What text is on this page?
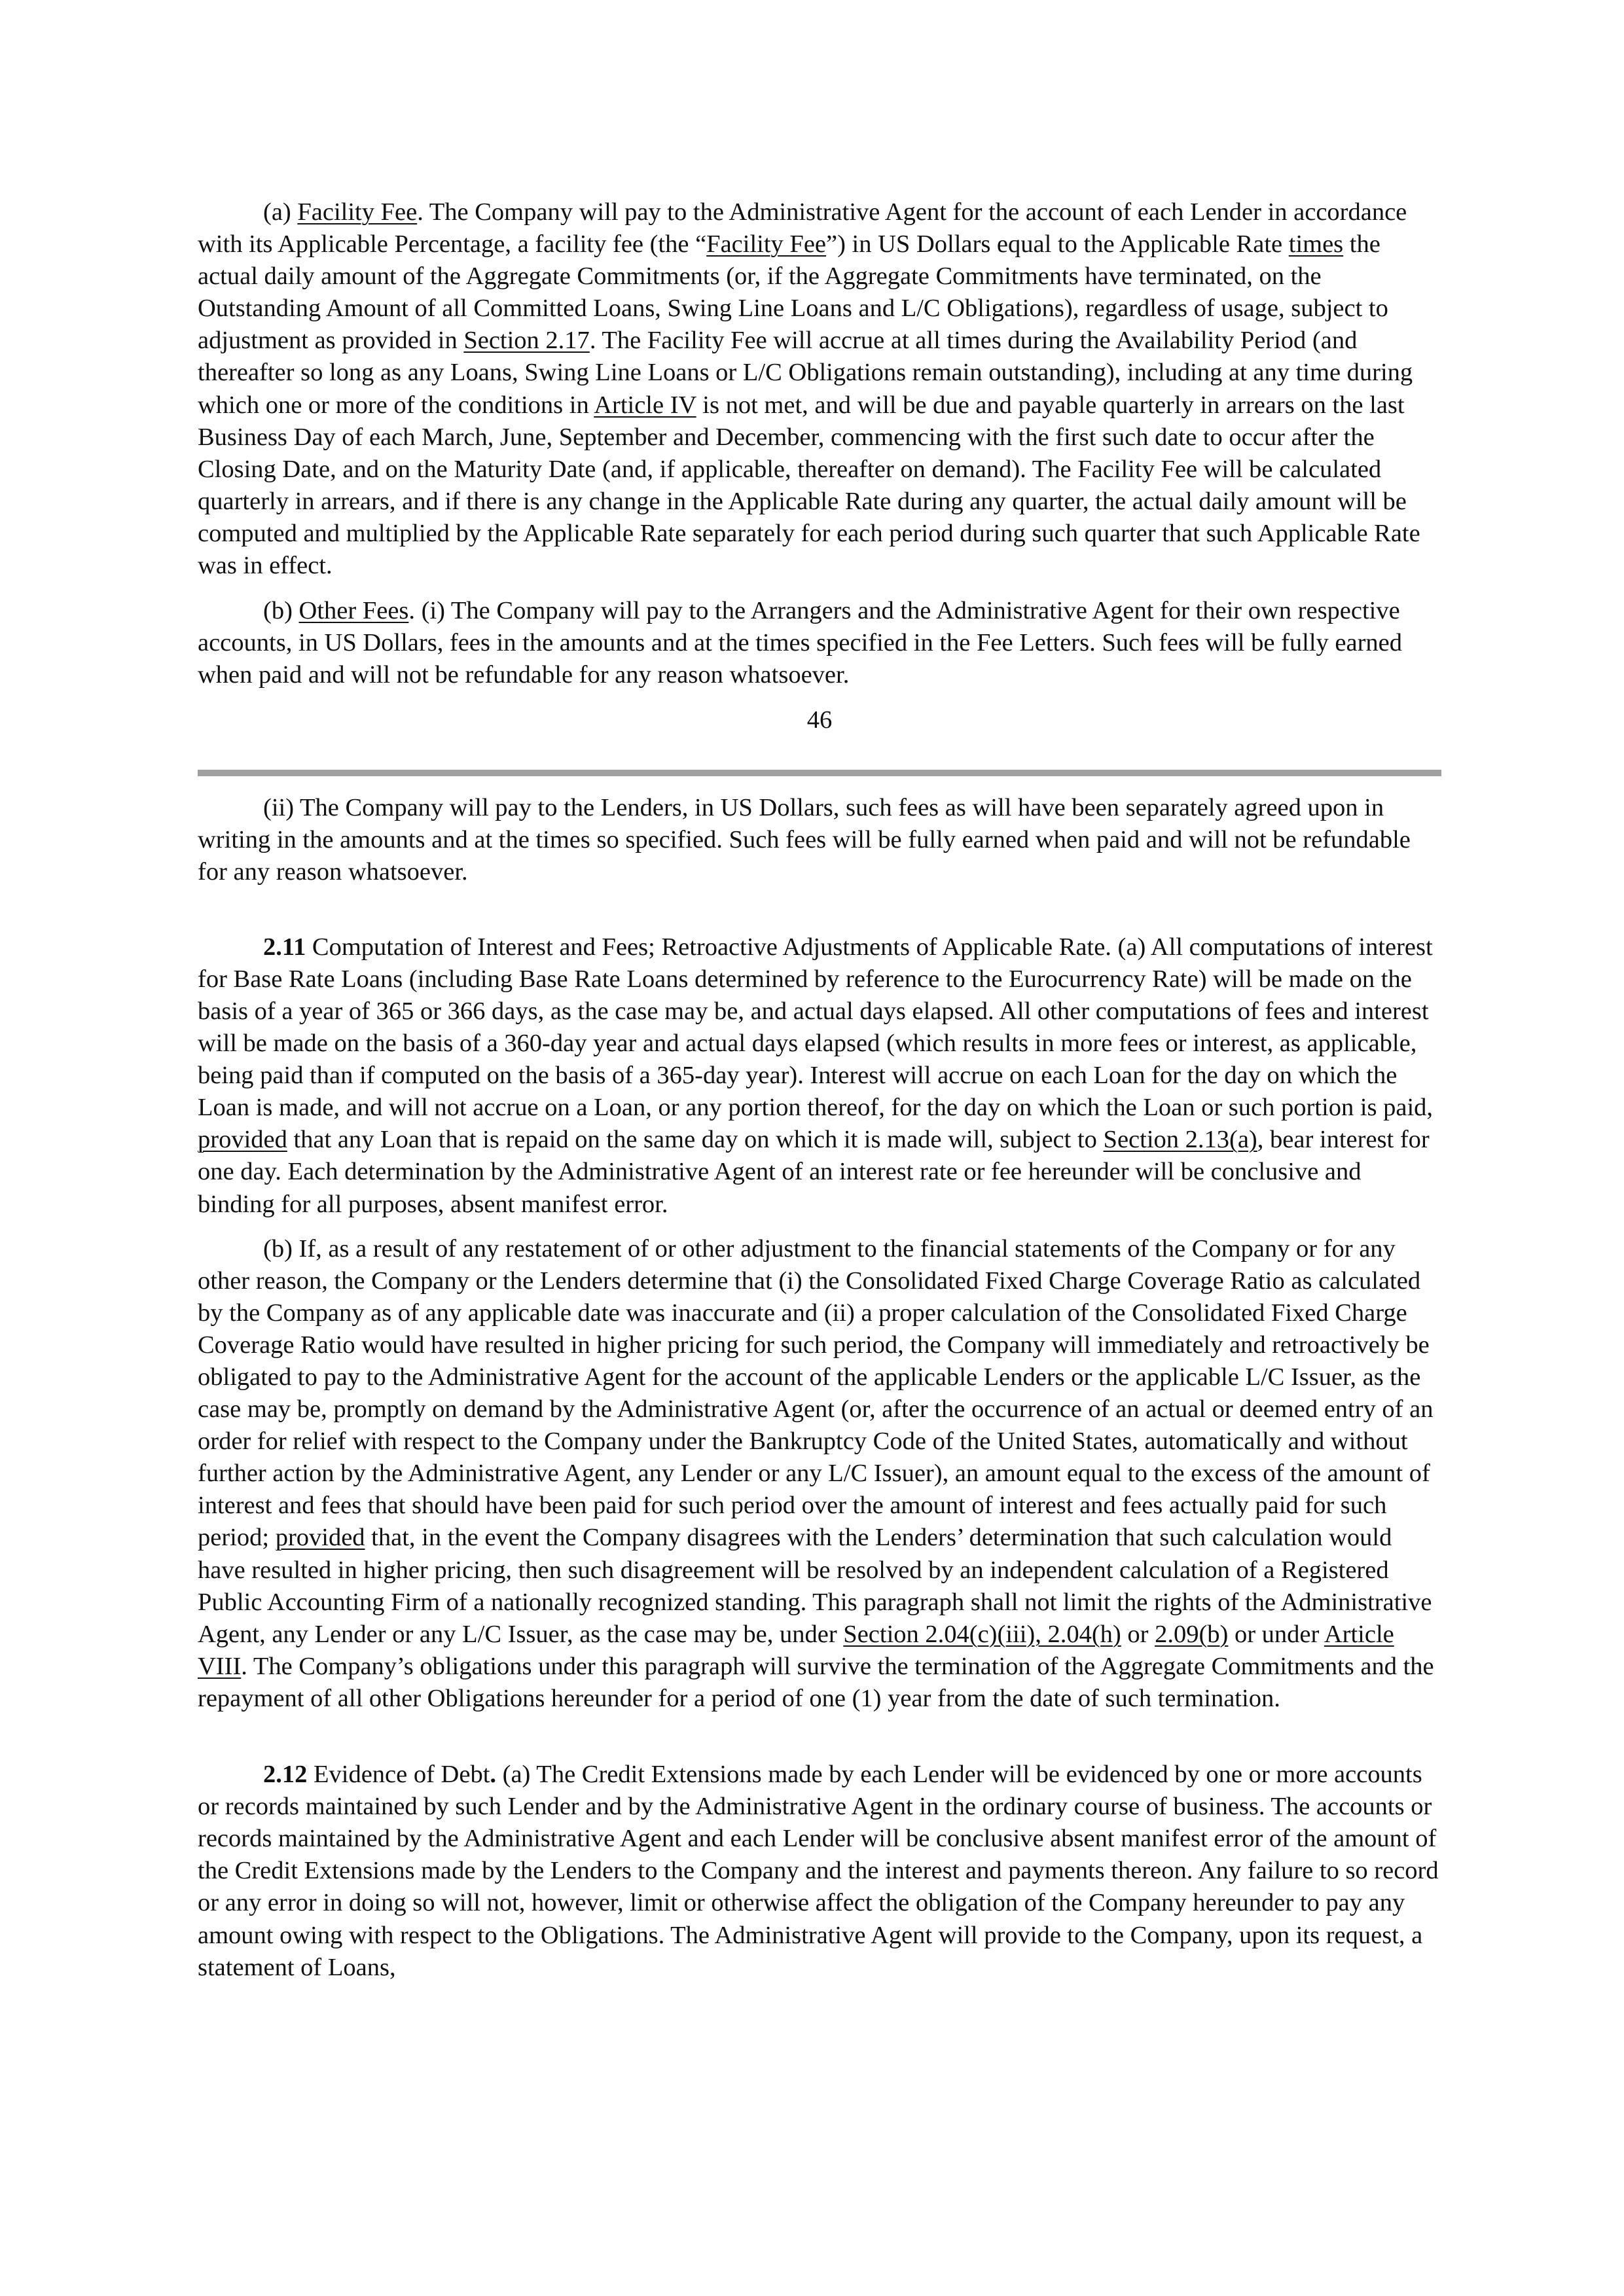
(a) Facility Fee. The Company will pay to the Administrative Agent for the account of each Lender in accordance with its Applicable Percentage, a facility fee (the “Facility Fee”) in US Dollars equal to the Applicable Rate times the actual daily amount of the Aggregate Commitments (or, if the Aggregate Commitments have terminated, on the Outstanding Amount of all Committed Loans, Swing Line Loans and L/C Obligations), regardless of usage, subject to adjustment as provided in Section 2.17. The Facility Fee will accrue at all times during the Availability Period (and thereafter so long as any Loans, Swing Line Loans or L/C Obligations remain outstanding), including at any time during which one or more of the conditions in Article IV is not met, and will be due and payable quarterly in arrears on the last Business Day of each March, June, September and December, commencing with the first such date to occur after the Closing Date, and on the Maturity Date (and, if applicable, thereafter on demand). The Facility Fee will be calculated quarterly in arrears, and if there is any change in the Applicable Rate during any quarter, the actual daily amount will be computed and multiplied by the Applicable Rate separately for each period during such quarter that such Applicable Rate was in effect.

(b) Other Fees. (i) The Company will pay to the Arrangers and the Administrative Agent for their own respective accounts, in US Dollars, fees in the amounts and at the times specified in the Fee Letters. Such fees will be fully earned when paid and will not be refundable for any reason whatsoever.

46

(ii) The Company will pay to the Lenders, in US Dollars, such fees as will have been separately agreed upon in writing in the amounts and at the times so specified. Such fees will be fully earned when paid and will not be refundable for any reason whatsoever.

2.11 Computation of Interest and Fees; Retroactive Adjustments of Applicable Rate. (a) All computations of interest for Base Rate Loans (including Base Rate Loans determined by reference to the Eurocurrency Rate) will be made on the basis of a year of 365 or 366 days, as the case may be, and actual days elapsed. All other computations of fees and interest will be made on the basis of a 360-day year and actual days elapsed (which results in more fees or interest, as applicable, being paid than if computed on the basis of a 365-day year). Interest will accrue on each Loan for the day on which the Loan is made, and will not accrue on a Loan, or any portion thereof, for the day on which the Loan or such portion is paid, provided that any Loan that is repaid on the same day on which it is made will, subject to Section 2.13(a), bear interest for one day. Each determination by the Administrative Agent of an interest rate or fee hereunder will be conclusive and binding for all purposes, absent manifest error.

(b) If, as a result of any restatement of or other adjustment to the financial statements of the Company or for any other reason, the Company or the Lenders determine that (i) the Consolidated Fixed Charge Coverage Ratio as calculated by the Company as of any applicable date was inaccurate and (ii) a proper calculation of the Consolidated Fixed Charge Coverage Ratio would have resulted in higher pricing for such period, the Company will immediately and retroactively be obligated to pay to the Administrative Agent for the account of the applicable Lenders or the applicable L/C Issuer, as the case may be, promptly on demand by the Administrative Agent (or, after the occurrence of an actual or deemed entry of an order for relief with respect to the Company under the Bankruptcy Code of the United States, automatically and without further action by the Administrative Agent, any Lender or any L/C Issuer), an amount equal to the excess of the amount of interest and fees that should have been paid for such period over the amount of interest and fees actually paid for such period; provided that, in the event the Company disagrees with the Lenders’ determination that such calculation would have resulted in higher pricing, then such disagreement will be resolved by an independent calculation of a Registered Public Accounting Firm of a nationally recognized standing. This paragraph shall not limit the rights of the Administrative Agent, any Lender or any L/C Issuer, as the case may be, under Section 2.04(c)(iii), 2.04(h) or 2.09(b) or under Article VIII. The Company’s obligations under this paragraph will survive the termination of the Aggregate Commitments and the repayment of all other Obligations hereunder for a period of one (1) year from the date of such termination.

2.12 Evidence of Debt. (a) The Credit Extensions made by each Lender will be evidenced by one or more accounts or records maintained by such Lender and by the Administrative Agent in the ordinary course of business. The accounts or records maintained by the Administrative Agent and each Lender will be conclusive absent manifest error of the amount of the Credit Extensions made by the Lenders to the Company and the interest and payments thereon. Any failure to so record or any error in doing so will not, however, limit or otherwise affect the obligation of the Company hereunder to pay any amount owing with respect to the Obligations. The Administrative Agent will provide to the Company, upon its request, a statement of Loans,
